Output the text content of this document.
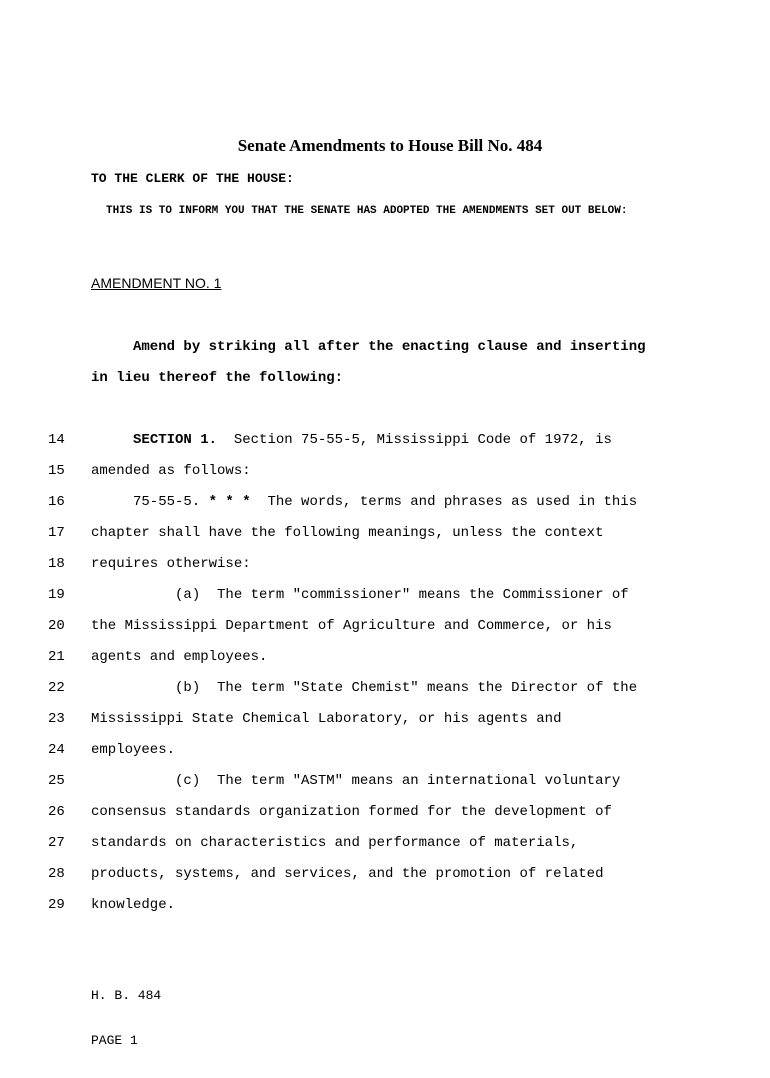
Senate Amendments to House Bill No. 484
TO THE CLERK OF THE HOUSE:
THIS IS TO INFORM YOU THAT THE SENATE HAS ADOPTED THE AMENDMENTS SET OUT BELOW:
AMENDMENT NO. 1
Amend by striking all after the enacting clause and inserting
in lieu thereof the following:
14	SECTION 1.  Section 75-55-5, Mississippi Code of 1972, is
15	amended as follows:
16	75-55-5. * * *  The words, terms and phrases as used in this
17	chapter shall have the following meanings, unless the context
18	requires otherwise:
19	(a)  The term "commissioner" means the Commissioner of
20	the Mississippi Department of Agriculture and Commerce, or his
21	agents and employees.
22	(b)  The term "State Chemist" means the Director of the
23	Mississippi State Chemical Laboratory, or his agents and
24	employees.
25	(c)  The term "ASTM" means an international voluntary
26	consensus standards organization formed for the development of
27	standards on characteristics and performance of materials,
28	products, systems, and services, and the promotion of related
29	knowledge.

H. B. 484

PAGE 1
